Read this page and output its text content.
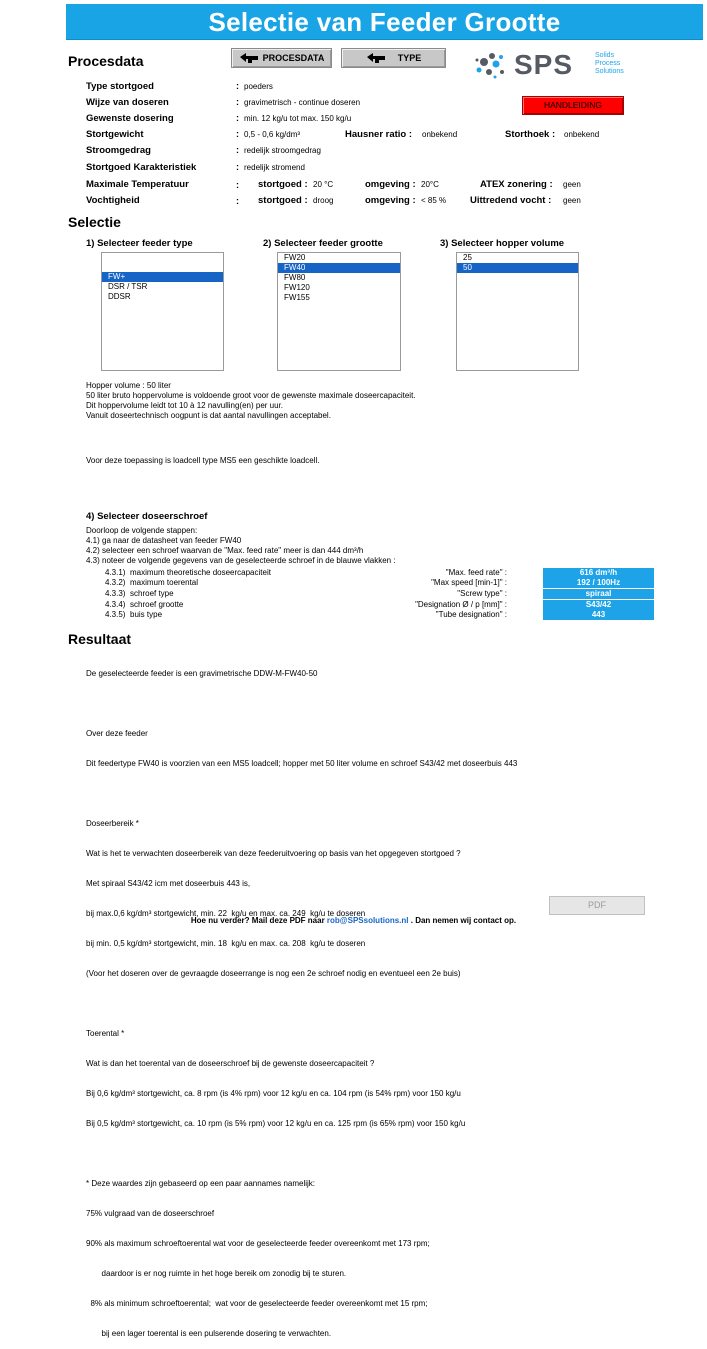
Selectie van Feeder Grootte
Procesdata	PROCESDATA	TYPE	SPS	Solids
Process
Solutions
HANDLEIDING
Type stortgoed	: poeders
Wijze van doseren	: gravimetrisch - continue doseren
Gewenste dosering	: min. 12 kg/u tot max. 150 kg/u
Stortgewicht	: 0,5 - 0,6 kg/dm³	Hausner ratio : onbekend	Storthoek : onbekend
Stroomgedrag	: redelijk stroomgedrag
Stortgoed Karakteristiek	: redelijk stromend
Maximale Temperatuur	: stortgoed : 20 °C	omgeving : 20°C	ATEX zonering : geen
Vochtigheid	: stortgoed : droog	omgeving : < 85 %	Uittredend vocht : geen
Selectie
1) Selecteer feeder type	2) Selecteer feeder grootte	3) Selecteer hopper volume
FW+
DSR / TSR
DDSR
FW20
FW40
FW80
FW120
FW155
25
50
Hopper volume : 50 liter
50 liter bruto hoppervolume is voldoende groot voor de gewenste maximale doseercapaciteit.
Dit hoppervolume leidt tot 10 à 12 navulling(en) per uur.
Vanuit doseertechnisch oogpunt is dat aantal navullingen acceptabel.
Voor deze toepassing is loadcell type MS5 een geschikte loadcell.
4) Selecteer doseerschroef
Doorloop de volgende stappen:
4.1) ga naar de datasheet van feeder FW40
4.2) selecteer een schroef waarvan de "Max. feed rate" meer is dan 444 dm³/h
4.3) noteer de volgende gegevens van de geselecteerde schroef in de blauwe vlakken :
4.3.1) maximum theoretische doseercapaciteit	"Max. feed rate" :	616 dm³/h
4.3.2) maximum toerental	"Max speed [min-1]" :	192 / 100Hz
4.3.3) schroef type	"Screw type" :	spiraal
4.3.4) schroef grootte	"Designation Ø / p [mm]" :	S43/42
4.3.5) buis type	"Tube designation" :	443
Resultaat

De geselecteerde feeder is een gravimetrische DDW-M-FW40-50

Over deze feeder

Dit feedertype FW40 is voorzien van een MS5 loadcell; hopper met 50 liter volume en schroef S43/42 met doseerbuis 443

Doseerbereik *

Wat is het te verwachten doseerbereik van deze feederuitvoering op basis van het opgegeven stortgoed ?

Met spiraal S43/42 icm met doseerbuis 443 is,

bij max.0,6 kg/dm³ stortgewicht, min. 22  kg/u en max. ca. 249  kg/u te doseren

bij min. 0,5 kg/dm³ stortgewicht, min. 18  kg/u en max. ca. 208  kg/u te doseren

(Voor het doseren over de gevraagde doseerrange is nog een 2e schroef nodig en eventueel een 2e buis)

Toerental *

Wat is dan het toerental van de doseerschroef bij de gewenste doseercapaciteit ?

Bij 0,6 kg/dm³ stortgewicht, ca. 8 rpm (is 4% rpm) voor 12 kg/u en ca. 104 rpm (is 54% rpm) voor 150 kg/u

Bij 0,5 kg/dm³ stortgewicht, ca. 10 rpm (is 5% rpm) voor 12 kg/u en ca. 125 rpm (is 65% rpm) voor 150 kg/u

* Deze waardes zijn gebaseerd op een paar aannames namelijk:

75% vulgraad van de doseerschroef

90% als maximum schroeftoerental wat voor de geselecteerde feeder overeenkomt met 173 rpm;

daardoor is er nog ruimte in het hoge bereik om zonodig bij te sturen.

8% als minimum schroeftoerental;  wat voor de geselecteerde feeder overeenkomt met 15 rpm;

bij een lager toerental is een pulserende dosering te verwachten.

Hoe nu verder? Mail deze PDF naar rob@SPSsolutions.nl . Dan nemen wij contact op.
PDF
